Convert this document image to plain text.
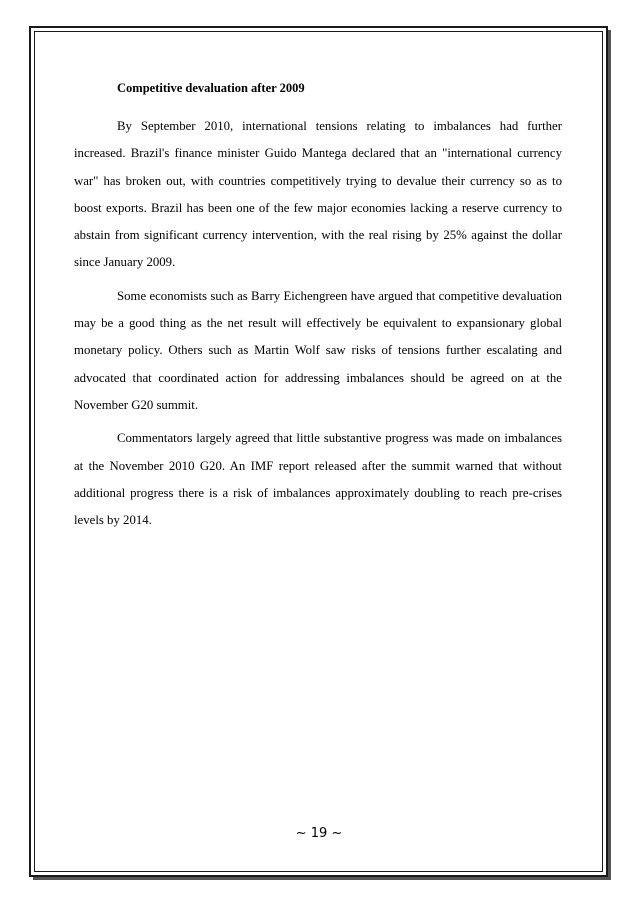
Competitive devaluation after 2009

By September 2010, international tensions relating to imbalances had further increased. Brazil's finance minister Guido Mantega declared that an "international currency war" has broken out, with countries competitively trying to devalue their currency so as to boost exports. Brazil has been one of the few major economies lacking a reserve currency to abstain from significant currency intervention, with the real rising by 25% against the dollar since January 2009.

Some economists such as Barry Eichengreen have argued that competitive devaluation may be a good thing as the net result will effectively be equivalent to expansionary global monetary policy. Others such as Martin Wolf saw risks of tensions further escalating and advocated that coordinated action for addressing imbalances should be agreed on at the November G20 summit.

Commentators largely agreed that little substantive progress was made on imbalances at the November 2010 G20. An IMF report released after the summit warned that without additional progress there is a risk of imbalances approximately doubling to reach pre-crises levels by 2014.

~ 19 ~
